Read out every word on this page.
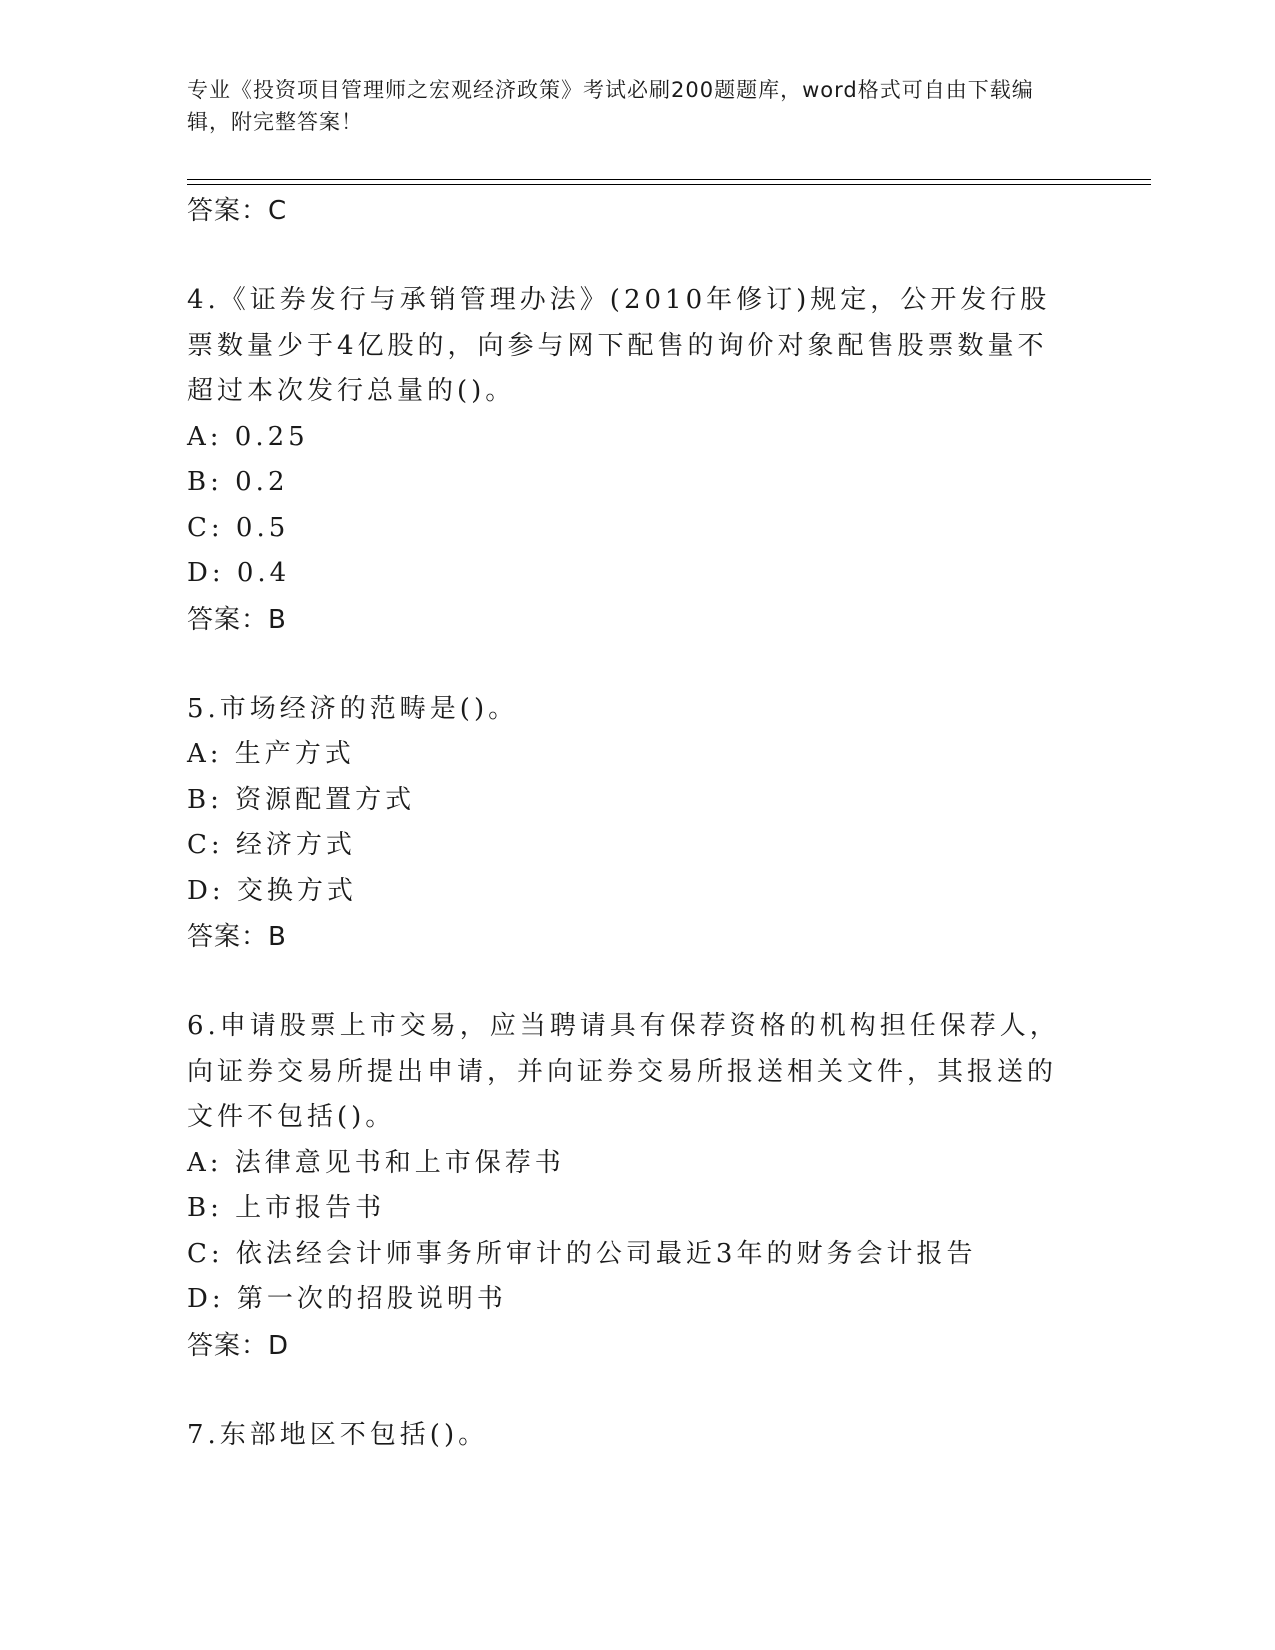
专业《投资项目管理师之宏观经济政策》考试必刷200题题库，word格式可自由下载编辑，附完整答案！
答案：C
4.《证券发行与承销管理办法》(2010年修订)规定，公开发行股票数量少于4亿股的，向参与网下配售的询价对象配售股票数量不超过本次发行总量的()。
A: 0.25
B: 0.2
C: 0.5
D: 0.4
答案：B
5.市场经济的范畴是()。
A: 生产方式
B: 资源配置方式
C: 经济方式
D: 交换方式
答案：B
6.申请股票上市交易，应当聘请具有保荐资格的机构担任保荐人，向证券交易所提出申请，并向证券交易所报送相关文件，其报送的文件不包括()。
A: 法律意见书和上市保荐书
B: 上市报告书
C: 依法经会计师事务所审计的公司最近3年的财务会计报告
D: 第一次的招股说明书
答案：D
7.东部地区不包括()。
